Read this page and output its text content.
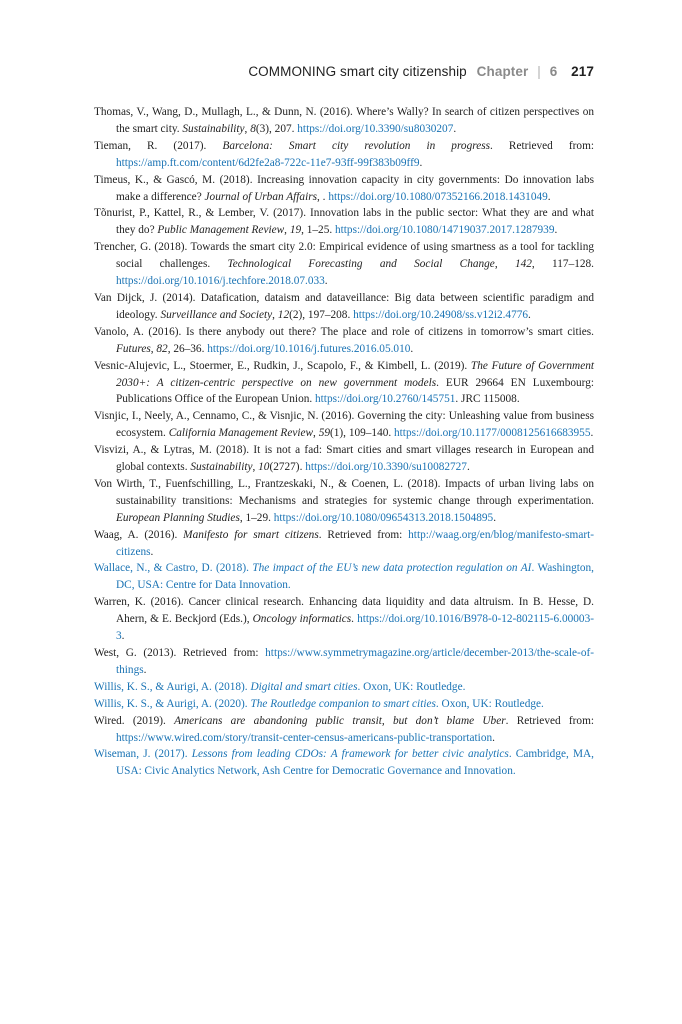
COMMONING smart city citizenship Chapter | 6 217

Thomas, V., Wang, D., Mullagh, L., & Dunn, N. (2016). Where’s Wally? In search of citizen perspectives on the smart city. Sustainability, 8(3), 207. https://doi.org/10.3390/su8030207.

Tieman, R. (2017). Barcelona: Smart city revolution in progress. Retrieved from: https://amp.ft.com/content/6d2fe2a8-722c-11e7-93ff-99f383b09ff9.

Timeus, K., & Gascó, M. (2018). Increasing innovation capacity in city governments: Do innovation labs make a difference? Journal of Urban Affairs, . https://doi.org/10.1080/07352166.2018.1431049.

Tõnurist, P., Kattel, R., & Lember, V. (2017). Innovation labs in the public sector: What they are and what they do? Public Management Review, 19, 1–25. https://doi.org/10.1080/14719037.2017.1287939.

Trencher, G. (2018). Towards the smart city 2.0: Empirical evidence of using smartness as a tool for tackling social challenges. Technological Forecasting and Social Change, 142, 117–128. https://doi.org/10.1016/j.techfore.2018.07.033.

Van Dijck, J. (2014). Datafication, dataism and dataveillance: Big data between scientific paradigm and ideology. Surveillance and Society, 12(2), 197–208. https://doi.org/10.24908/ss.v12i2.4776.

Vanolo, A. (2016). Is there anybody out there? The place and role of citizens in tomorrow’s smart cities. Futures, 82, 26–36. https://doi.org/10.1016/j.futures.2016.05.010.

Vesnic-Alujevic, L., Stoermer, E., Rudkin, J., Scapolo, F., & Kimbell, L. (2019). The Future of Government 2030+: A citizen-centric perspective on new government models. EUR 29664 EN Luxembourg: Publications Office of the European Union. https://doi.org/10.2760/145751. JRC 115008.

Visnjic, I., Neely, A., Cennamo, C., & Visnjic, N. (2016). Governing the city: Unleashing value from business ecosystem. California Management Review, 59(1), 109–140. https://doi.org/10.1177/0008125616683955.

Visvizi, A., & Lytras, M. (2018). It is not a fad: Smart cities and smart villages research in European and global contexts. Sustainability, 10(2727). https://doi.org/10.3390/su10082727.

Von Wirth, T., Fuenfschilling, L., Frantzeskaki, N., & Coenen, L. (2018). Impacts of urban living labs on sustainability transitions: Mechanisms and strategies for systemic change through experimentation. European Planning Studies, 1–29. https://doi.org/10.1080/09654313.2018.1504895.

Waag, A. (2016). Manifesto for smart citizens. Retrieved from: http://waag.org/en/blog/manifesto-smart-citizens.

Wallace, N., & Castro, D. (2018). The impact of the EU’s new data protection regulation on AI. Washington, DC, USA: Centre for Data Innovation.

Warren, K. (2016). Cancer clinical research. Enhancing data liquidity and data altruism. In B. Hesse, D. Ahern, & E. Beckjord (Eds.), Oncology informatics. https://doi.org/10.1016/B978-0-12-802115-6.00003-3.

West, G. (2013). Retrieved from: https://www.symmetrymagazine.org/article/december-2013/the-scale-of-things.

Willis, K. S., & Aurigi, A. (2018). Digital and smart cities. Oxon, UK: Routledge.

Willis, K. S., & Aurigi, A. (2020). The Routledge companion to smart cities. Oxon, UK: Routledge.

Wired. (2019). Americans are abandoning public transit, but don’t blame Uber. Retrieved from: https://www.wired.com/story/transit-center-census-americans-public-transportation.

Wiseman, J. (2017). Lessons from leading CDOs: A framework for better civic analytics. Cambridge, MA, USA: Civic Analytics Network, Ash Centre for Democratic Governance and Innovation.
